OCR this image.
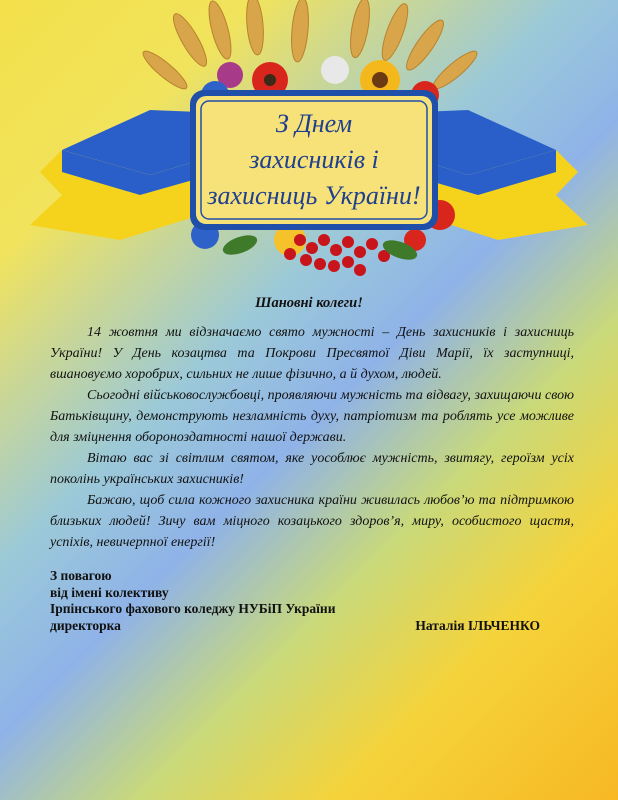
З Днем
захисників і
захисниць України!
Шановні колеги!

14 жовтня ми відзначаємо свято мужності – День захисників і захисниць України! У День козацтва та Покрови Пресвятої Діви Марії, їх заступниці, вшановуємо хоробрих, сильних не лише фізично, а й духом, людей.

Сьогодні військовослужбовці, проявляючи мужність та відвагу, захищаючи свою Батьківщину, демонструють незламність духу, патріотизм та роблять усе можливе для зміцнення обороноздатності нашої держави.

Вітаю вас зі світлим святом, яке уособлює мужність, звитягу, героїзм усіх поколінь українських захисників!

Бажаю, щоб сила кожного захисника країни живилась любов’ю та підтримкою близьких людей! Зичу вам міцного козацького здоров’я, миру, особистого щастя, успіхів, невичерпної енергії!

З повагою
від імені колективу
Ірпінського фахового коледжу НУБіП України
директорка	Наталія ІЛЬЧЕНКО
